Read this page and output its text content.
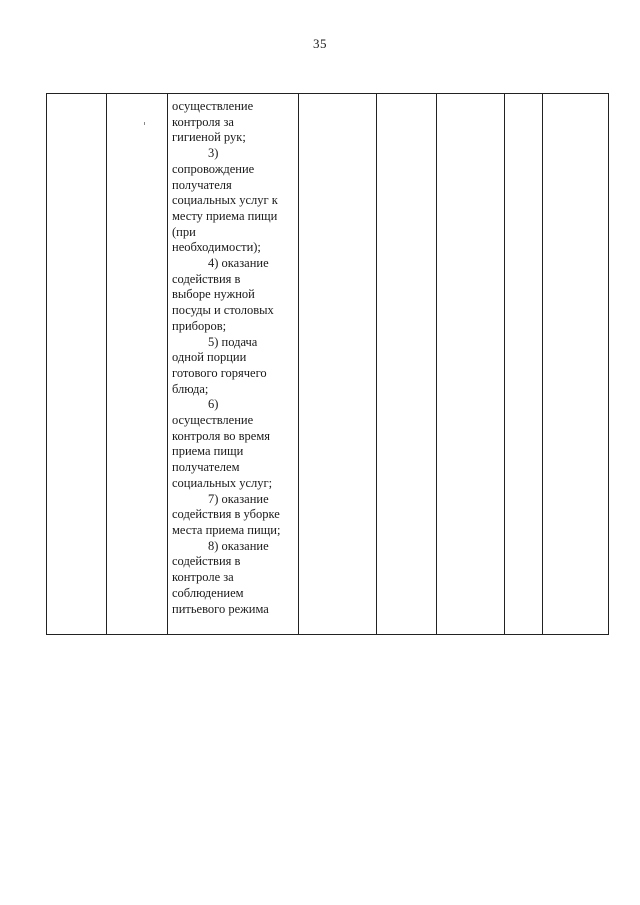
35

осуществление
контроля за
гигиеной рук;
3)
сопровождение
получателя
социальных услуг к
месту приема пищи
(при
необходимости);
4) оказание
содействия в
выборе нужной
посуды и столовых
приборов;
5) подача
одной порции
готового горячего
блюда;
6)
осуществление
контроля во время
приема пищи
получателем
социальных услуг;
7) оказание
содействия в уборке
места приема пищи;
8) оказание
содействия в
контроле за
соблюдением
питьевого режима
